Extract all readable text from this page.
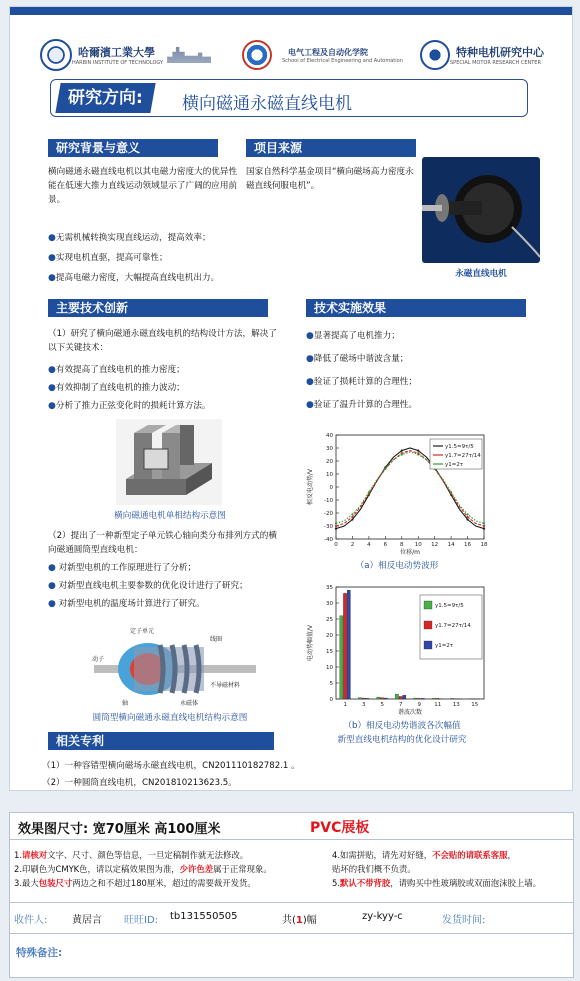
哈爾濱工業大學
HARBIN INSTITUTE OF TECHNOLOGY
电气工程及自动化学院
School of Electrical Engineering and Automation
特种电机研究中心
SPECIAL MOTOR RESEARCH CENTER
研究方向:	横向磁通永磁直线电机
研究背景与意义
横向磁通永磁直线电机以其电磁力密度大的优异性能在低速大推力直线运动领域显示了广阔的应用前景。
●无需机械转换实现直线运动，提高效率；
●实现电机直驱，提高可靠性；
●提高电磁力密度，大幅提高直线电机出力。
项目来源
国家自然科学基金项目“横向磁场高力密度永磁直线伺服电机”。
永磁直线电机
主要技术创新
（1）研究了横向磁通永磁直线电机的结构设计方法，解决了以下关键技术：
●有效提高了直线电机的推力密度；
●有效抑制了直线电机的推力波动；
●分析了推力正弦变化时的损耗计算方法。
横向磁通电机单相结构示意图
（2）提出了一种新型定子单元铁心轴向类分布排列方式的横向磁通圆筒型直线电机：
● 对新型电机的工作原理进行了分析；
● 对新型直线电机主要参数的优化设计进行了研究；
● 对新型电机的温度场计算进行了研究。
定子单元
动子
线圈
不导磁材料
永磁体
轴
圆筒型横向磁通永磁直线电机结构示意图
相关专利
（1）一种容错型横向磁场永磁直线电机，CN201110182782.1 。
（2）一种圆筒直线电机，CN201810213623.5。
技术实施效果
●显著提高了电机推力；
●降低了磁场中谐波含量；
●验证了损耗计算的合理性；
●验证了温升计算的合理性。
-40
-30
-20
-10
0
10
20
30
40
0 2 4 6 8 10 12 14 16 18
位移/m
相反电动势/V
y1.5=9τ/5
y1.7=27τ/14
y1=2τ
（a）相反电动势波形
0
5
10
15
20
25
30
35
1	3	5	7	9 11 13 15
谐波次数
电动势幅值/V
y1.5=9τ/5
y1.7=27τ/14
y1=2τ
（b）相反电动势谐波各次幅值
新型直线电机结构的优化设计研究
效果图尺寸: 宽70厘米 高100厘米	PVC展板
1.请核对文字、尺寸、颜色等信息，一旦定稿制作就无法修改。
2.印刷色为CMYK色，请以定稿效果图为准，少许色差属于正常现象。
3.最大包装尺寸两边之和不超过180厘米，超过的需要裁开发货。
4.如需拼贴，请先对好缝，不会贴的请联系客服，
贴坏的我们概不负责。
5.默认不带背胶，请购买中性玻璃胶或双面泡沫胶上墙。
收件人: 黄居言 旺旺ID: tb131550505	共(1)幅	zy-kyy-c	发货时间:
特殊备注:
